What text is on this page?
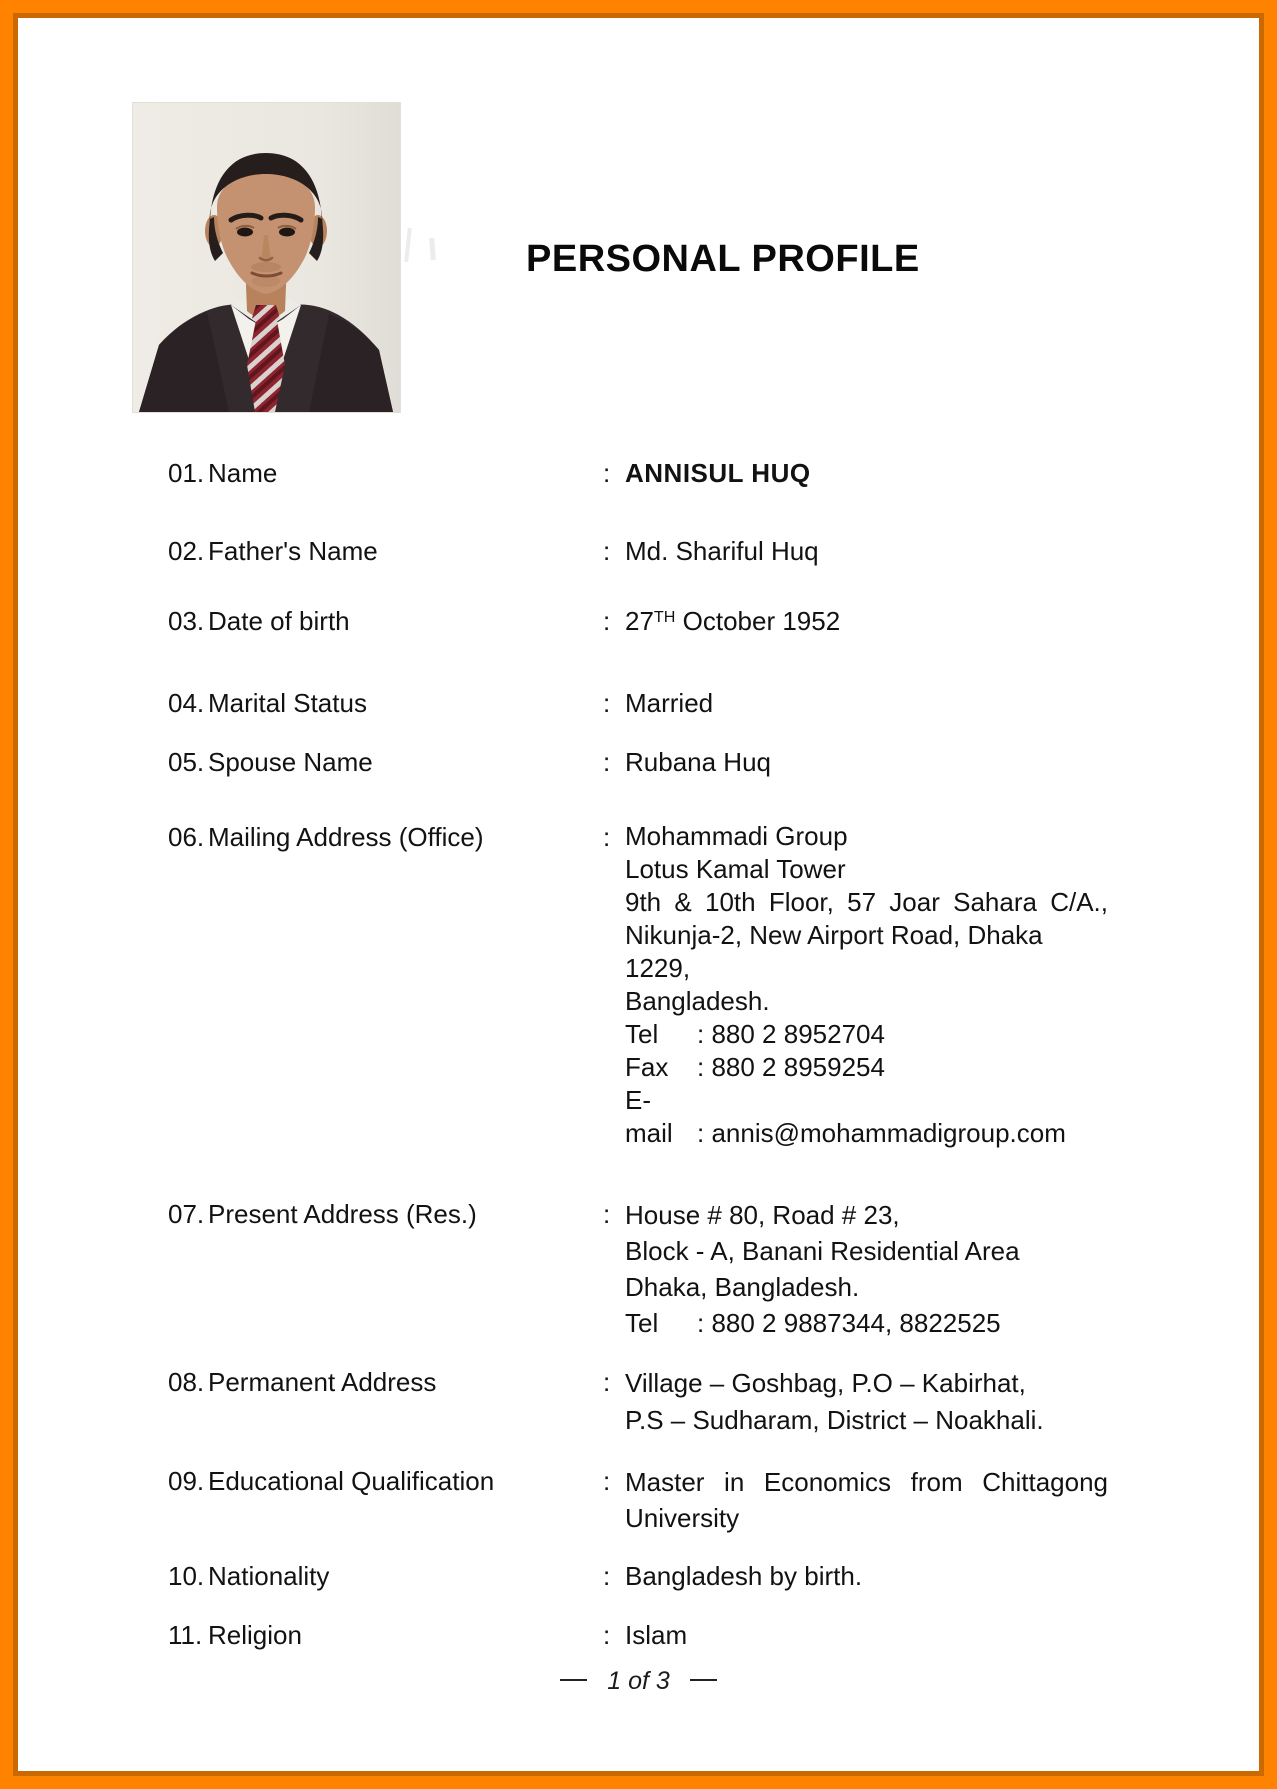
PERSONAL PROFILE
01. Name	: ANNISUL HUQ
02. Father's Name	: Md. Shariful Huq
03. Date of birth	: 27TH October 1952
04. Marital Status	: Married
05. Spouse Name	: Rubana Huq
06. Mailing Address (Office)	: Mohammadi Group
Lotus Kamal Tower
9th & 10th Floor, 57 Joar Sahara C/A.,
Nikunja-2, New Airport Road, Dhaka 1229,
Bangladesh.
Tel : 880 2 8952704
Fax : 880 2 8959254
E-mail : annis@mohammadigroup.com
07. Present Address (Res.)	: House # 80, Road # 23,
Block - A, Banani Residential Area
Dhaka, Bangladesh.
Tel : 880 2 9887344, 8822525
08. Permanent Address	: Village – Goshbag, P.O – Kabirhat,
P.S – Sudharam, District – Noakhali.
09. Educational Qualification	: Master in Economics from Chittagong
University
10. Nationality	: Bangladesh by birth.
11. Religion	: Islam
1 of 3
